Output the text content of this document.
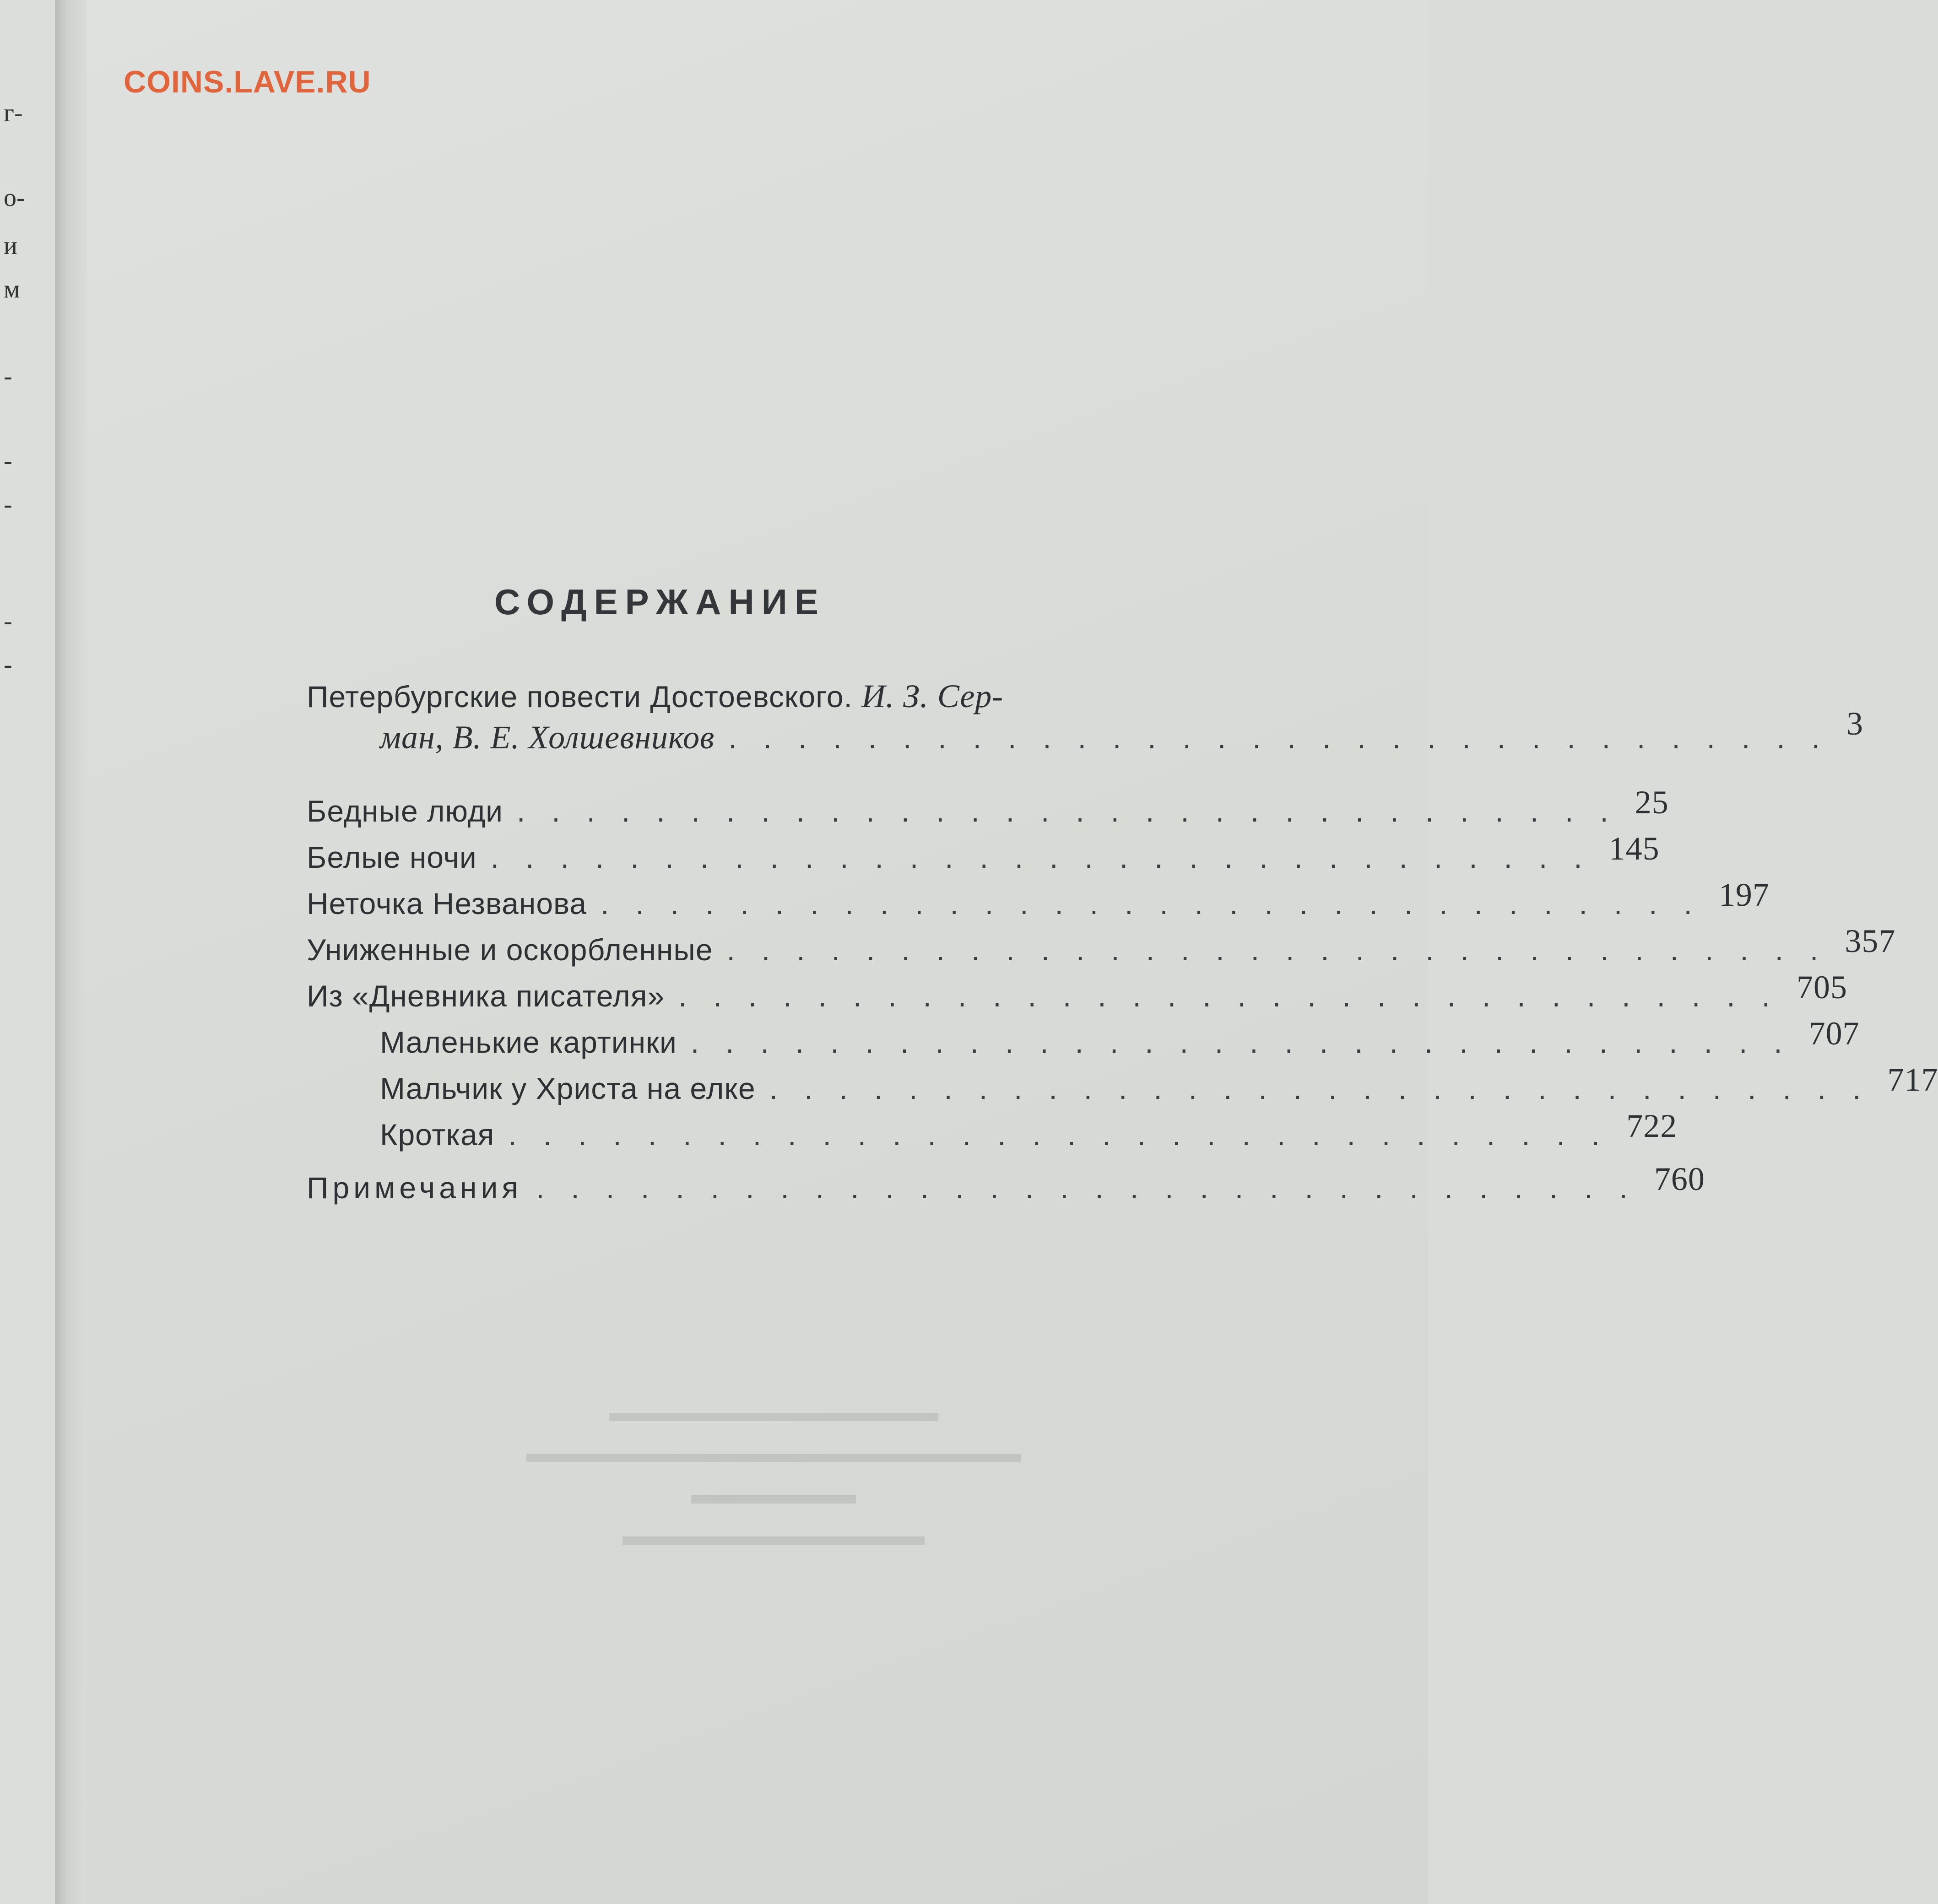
г-
о-
и
м
-
-
-
-
-
COINS.LAVE.RU
СОДЕРЖАНИЕ
Петербургские повести Достоевского. И. З. Сер-
ман, В. Е. Холшевников ................................ 3
Бедные люди ................................ 25
Белые ночи ................................ 145
Неточка Незванова ................................ 197
Униженные и оскорбленные ................................ 357
Из «Дневника писателя» ................................ 705
Маленькие картинки ................................ 707
Мальчик у Христа на елке ................................ 717
Кроткая ................................ 722
Примечания ................................ 760
▬▬▬▬▬▬▬▬▬▬▬▬
▬▬▬▬▬▬▬▬▬▬▬▬▬▬▬▬▬▬
▬▬▬▬▬▬
▬▬▬▬▬▬▬▬▬▬▬
